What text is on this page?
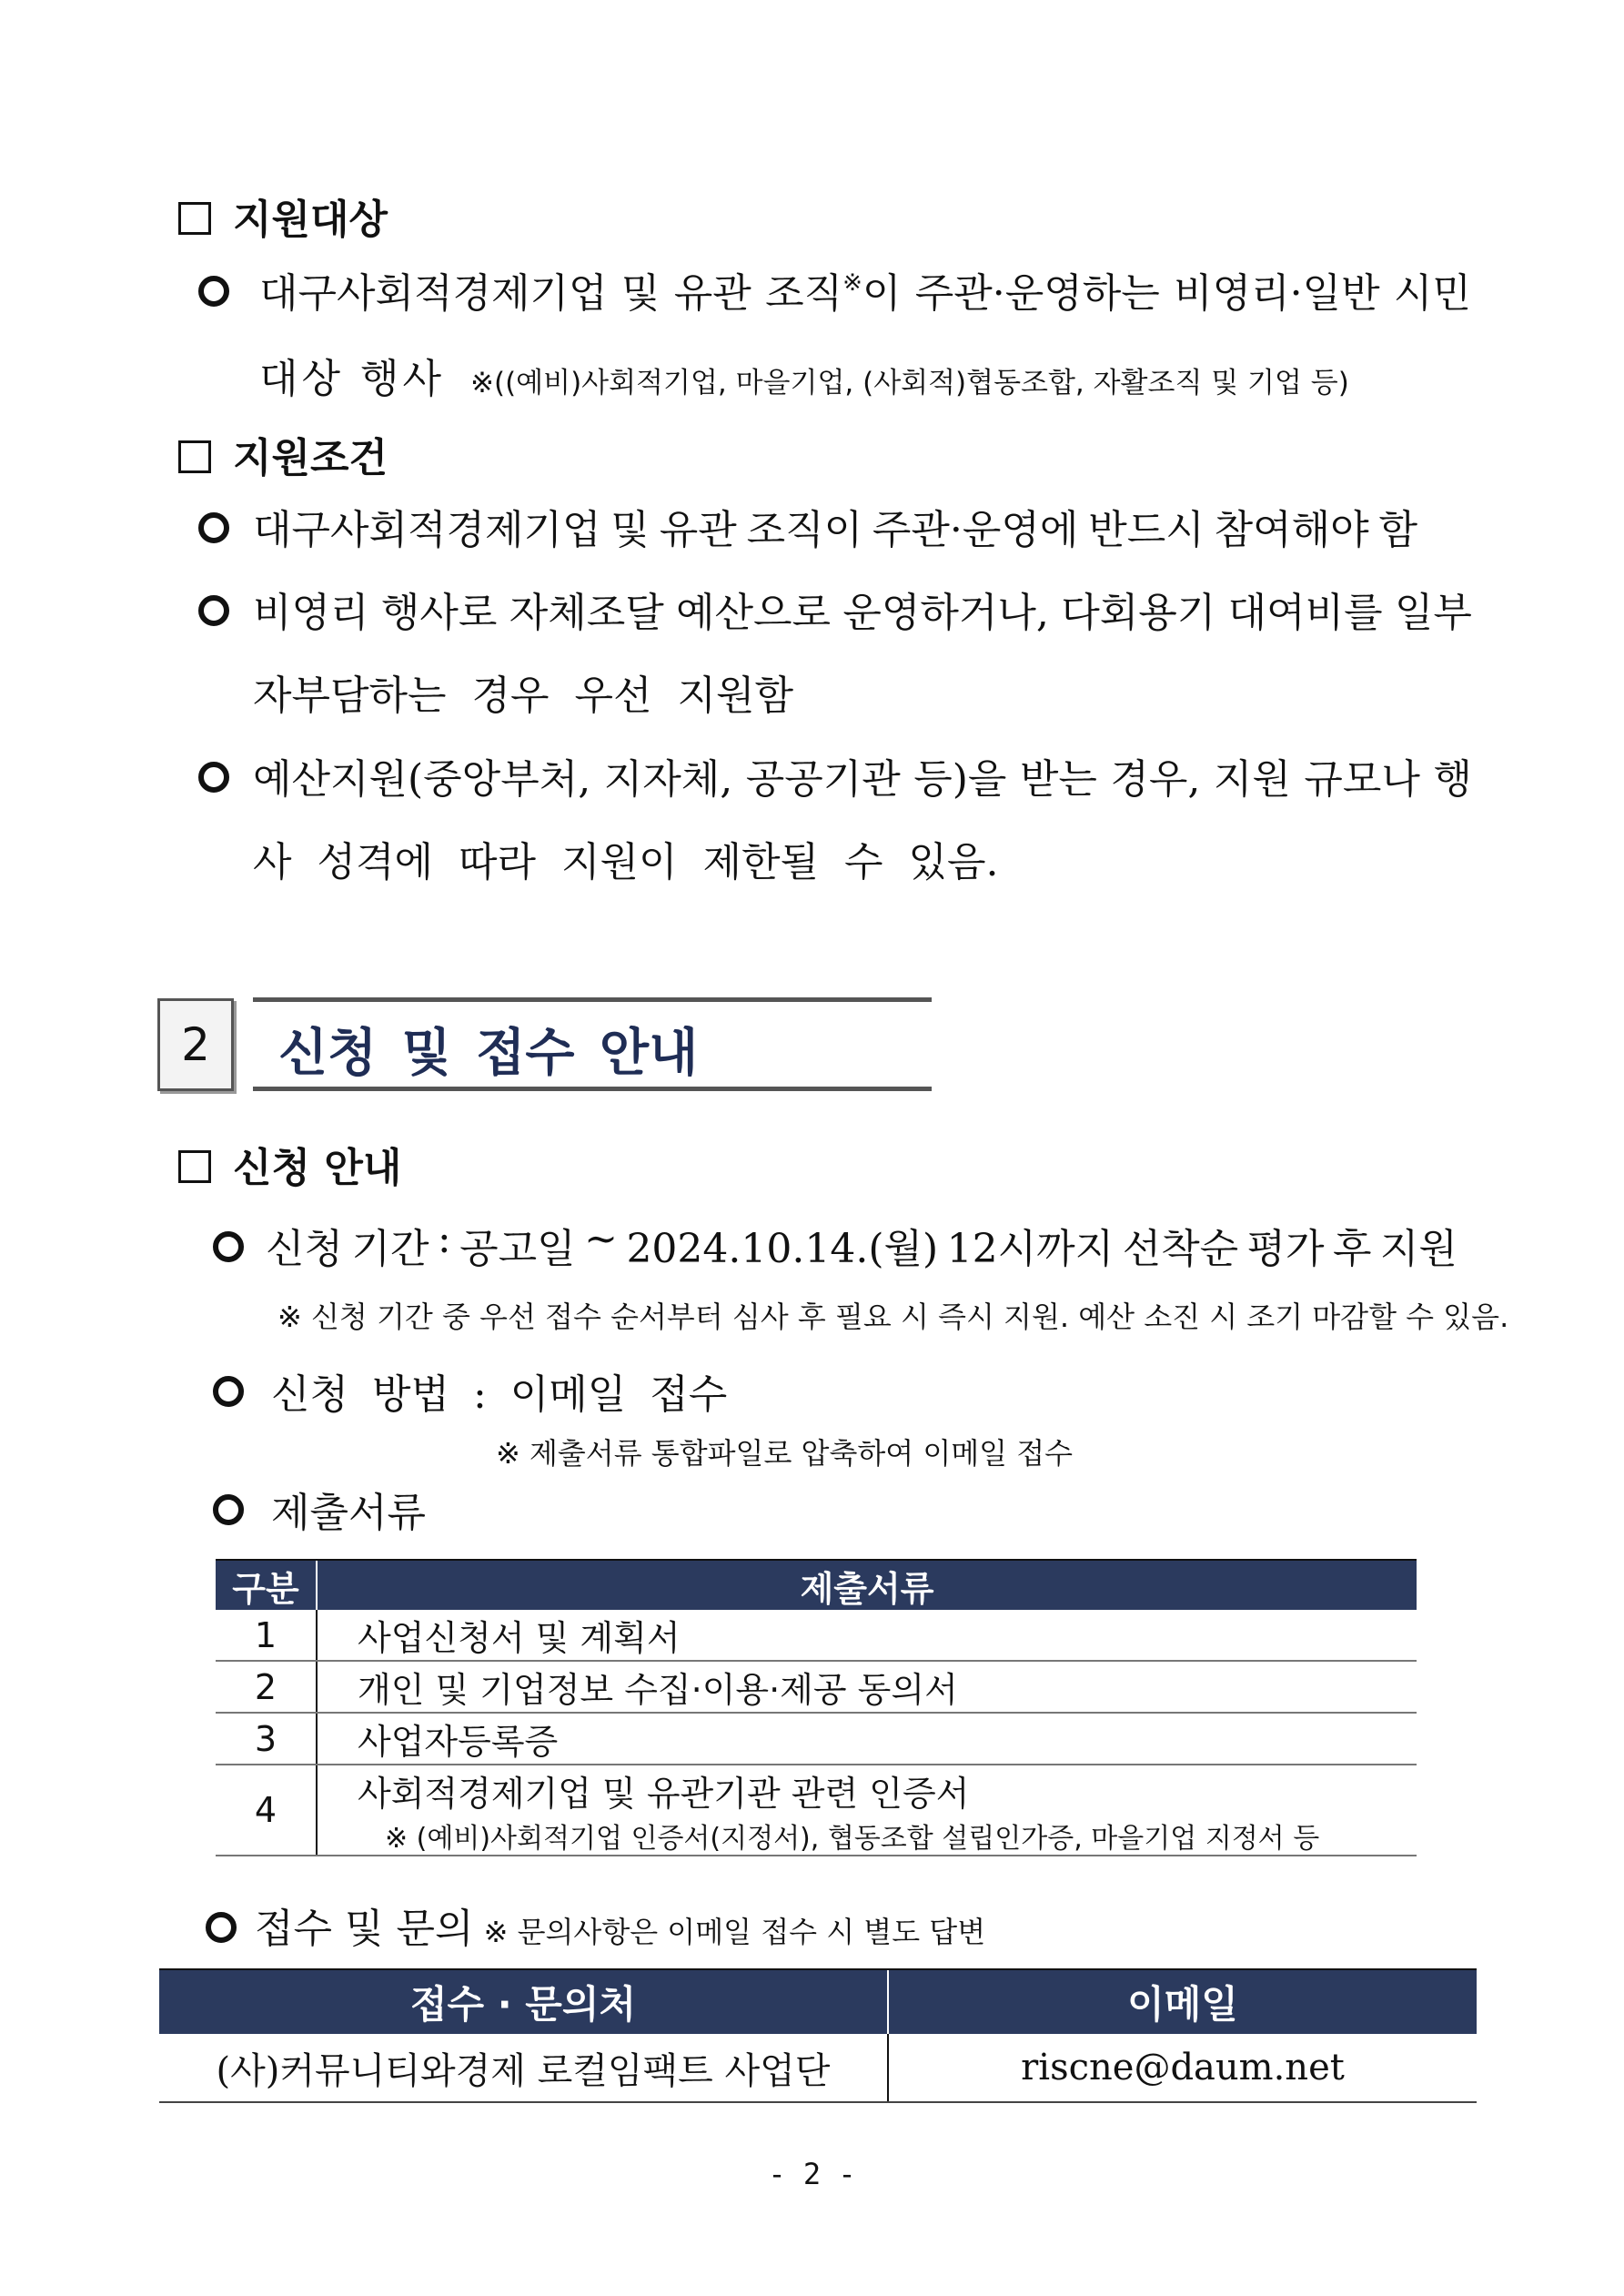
지원대상
대구사회적경제기업 및 유관 조직※이 주관·운영하는 비영리·일반 시민
대상 행사 ※((예비)사회적기업, 마을기업, (사회적)협동조합, 자활조직 및 기업 등)
지원조건
대구사회적경제기업 및 유관 조직이 주관·운영에 반드시 참여해야 함
비영리 행사로 자체조달 예산으로 운영하거나, 다회용기 대여비를 일부
자부담하는 경우 우선 지원함
예산지원(중앙부처, 지자체, 공공기관 등)을 받는 경우, 지원 규모나 행
사 성격에 따라 지원이 제한될 수 있음.
2 신청 및 접수 안내
신청 안내
신청 기간 : 공고일 ~ 2024.10.14.(월) 12시까지 선착순 평가 후 지원
※ 신청 기간 중 우선 접수 순서부터 심사 후 필요 시 즉시 지원. 예산 소진 시 조기 마감할 수 있음.
신청 방법 : 이메일 접수
※ 제출서류 통합파일로 압축하여 이메일 접수
제출서류
구분	제출서류
1	사업신청서 및 계획서
2	개인 및 기업정보 수집·이용·제공 동의서
3	사업자등록증
4	사회적경제기업 및 유관기관 관련 인증서
※ (예비)사회적기업 인증서(지정서), 협동조합 설립인가증, 마을기업 지정서 등
접수 및 문의 ※ 문의사항은 이메일 접수 시 별도 답변
접수 · 문의처	이메일
(사)커뮤니티와경제 로컬임팩트 사업단	riscne@daum.net
- 2 -
